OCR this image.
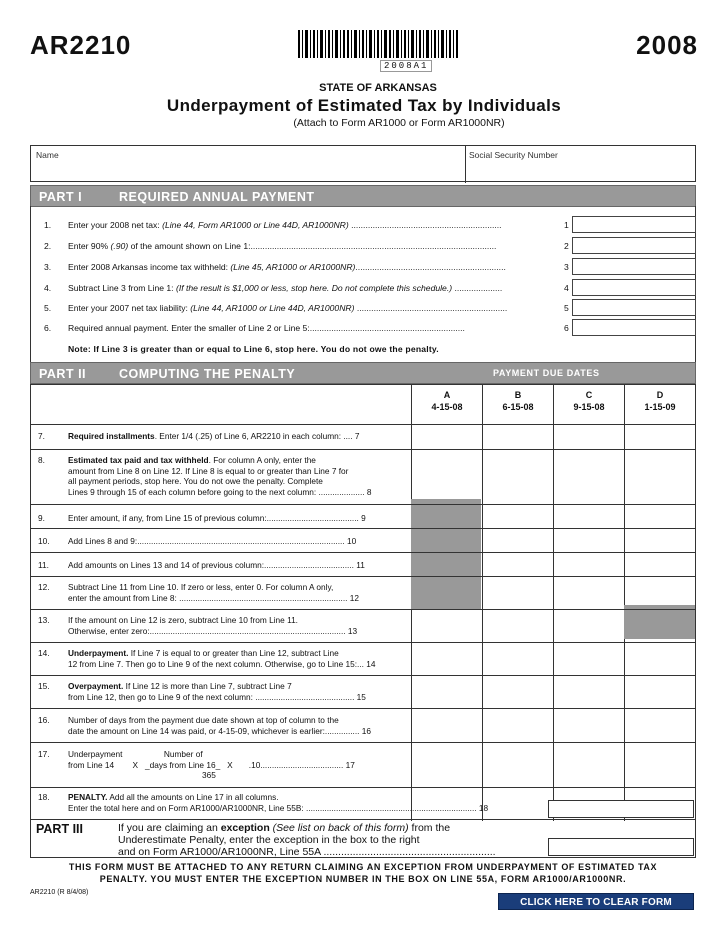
AR2210	2008
2008A1
STATE OF ARKANSAS
Underpayment of Estimated Tax by Individuals
(Attach to Form AR1000 or Form AR1000NR)
Name	Social Security Number
PART I	REQUIRED ANNUAL PAYMENT
1. Enter your 2008 net tax: (Line 44, Form AR1000 or Line 44D, AR1000NR) ...............................................................	1
2. Enter 90% (.90) of the amount shown on Line 1:.......................................................................................................	2
3. Enter 2008 Arkansas income tax withheld: (Line 45, AR1000 or AR1000NR)...............................................................	3
4. Subtract Line 3 from Line 1: (If the result is $1,000 or less, stop here. Do not complete this schedule.) ....................	4
5. Enter your 2007 net tax liability: (Line 44, AR1000 or Line 44D, AR1000NR) ...............................................................	5
6. Required annual payment. Enter the smaller of Line 2 or Line 5:.................................................................	6
Note: If Line 3 is greater than or equal to Line 6, stop here. You do not owe the penalty.
PART II	COMPUTING THE PENALTY	PAYMENT DUE DATES
A
4-15-08
B
6-15-08
C
9-15-08
D
1-15-09
7.	Required installments. Enter 1/4 (.25) of Line 6, AR2210 in each column: .... 7
8.	Estimated tax paid and tax withheld. For column A only, enter the
amount from Line 8 on Line 12. If Line 8 is equal to or greater than Line 7 for
all payment periods, stop here. You do not owe the penalty. Complete
Lines 9 through 15 of each column before going to the next column: .................... 8
9.	Enter amount, if any, from Line 15 of previous column:........................................ 9
10. Add Lines 8 and 9:.......................................................................................... 10
11. Add amounts on Lines 13 and 14 of previous column:....................................... 11
12. Subtract Line 11 from Line 10. If zero or less, enter 0. For column A only,
enter the amount from Line 8: ......................................................................... 12
13. If the amount on Line 12 is zero, subtract Line 10 from Line 11.
Otherwise, enter zero:..................................................................................... 13
14. Underpayment. If Line 7 is equal to or greater than Line 12, subtract Line
12 from Line 7. Then go to Line 9 of the next column. Otherwise, go to Line 15:... 14
15. Overpayment. If Line 12 is more than Line 7, subtract Line 7
from Line 12, then go to Line 9 of the next column: ........................................... 15
16. Number of days from the payment due date shown at top of column to the
date the amount on Line 14 was paid, or 4-15-09, whichever is earlier:............... 16
17. Underpayment                  Number of
from Line 14        X   _days from Line 16_   X       .10.................................... 17
365
18. PENALTY. Add all the amounts on Line 17 in all columns.
Enter the total here and on Form AR1000/AR1000NR, Line 55B: .......................................................................... 18
PART III	If you are claiming an exception (See list on back of this form) from the
Underestimate Penalty, enter the exception in the box to the right
and on Form AR1000/AR1000NR, Line 55A ...........................................................
THIS FORM MUST BE ATTACHED TO ANY RETURN CLAIMING AN EXCEPTION FROM UNDERPAYMENT OF ESTIMATED TAX
PENALTY. YOU MUST ENTER THE EXCEPTION NUMBER IN THE BOX ON LINE 55A, FORM AR1000/AR1000NR.
AR2210 (R 8/4/08)
CLICK HERE TO CLEAR FORM
